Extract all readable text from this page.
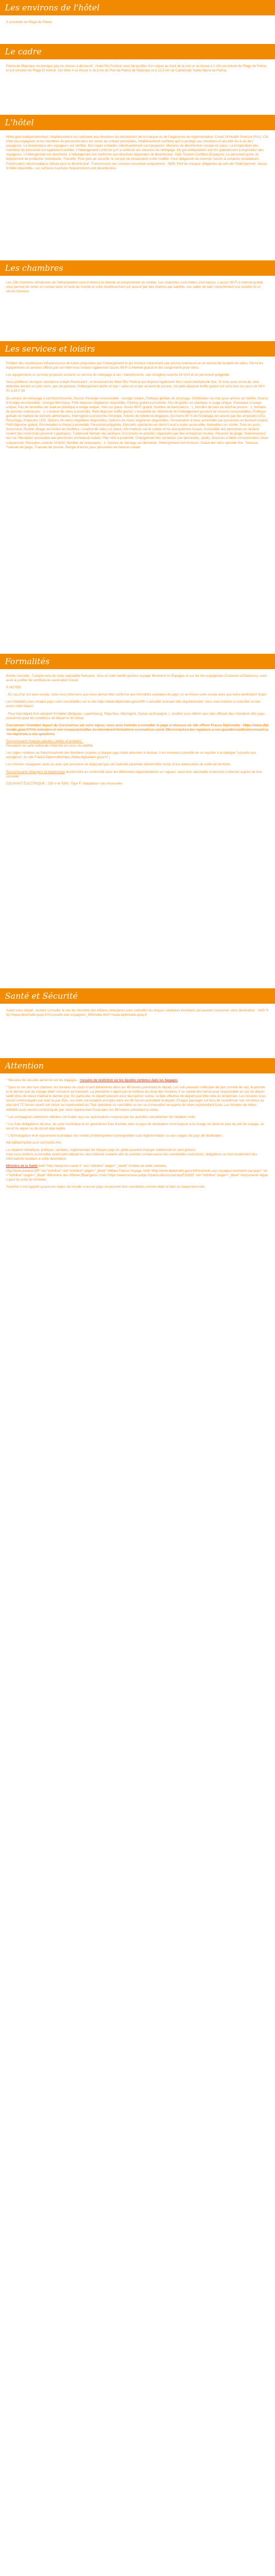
Les environs de l'hôtel

À proximité de Plage de Palma

Le cadre

Palma de Majorque ne manque pas de choses à découvrir ; Hotel Riu Festival vous fait profiter d'un séjour au bord de la mer et se trouve à 1 min en voiture de Plage de Palma et à 8 minutes de Plage El Arenal. Cet hôtel 4 se trouve à 16,5 km de Port de Palma de Majorque et à 12,5 km de Cathédrale Santa María de Palma.

L'hôtel

Hôtel géré indépendamment, l'établissement est conforme aux directives de désinfection de la marque ou de l'organisme de réglementation. Covid-19 Health Protocol (RIU). Cet hôtel (ou voyageurs et les membres du personnel dans les zones de contact principales, l'établissement confirme qu'il a protégé ses membres et sécurité vis-à-vis des voyageurs. La température des voyageurs est vérifiée. Des repas emballés individuellement sont proposés. Mesures de désinfection sociale en place. La température des membres du personnel est également vérifiée. L'hébergement confirme qu'il a renforcé ses mesures de nettoyage. Du gel antibactérien est mis gratuitement à disposition des voyageurs. L'hébergement est désinfecté. L'hébergement est conforme aux directives régionales de désinfection. Safe Tourism Certified (Espagne). Le personnel porte un équipement de protection individuelle. Travelife. Pour plus de sécurité, le service de restauration a été modifié. Il est obligatoire de réserver l'accès à certaines installations. Pulvérisation électrostatique utilisée pour la désinfection. Transmission des services essentiels uniquement - NON. Port du masque obligatoire au sein de l'hébergement. Aucun lit bébé disponible. Les surfaces touchées fréquemment sont désinfectées.

Les chambres

Les 238 chambres climatisées de l'hébergement vous invitent à la détente et comprennent un minibar. Les chambres sont dotées d'un balcon. L'accès Wi-Fi à Internet gratuit vous permet de rester en contact avec le reste du monde et votre divertissement est assuré par des chaînes par satellite. Les salles de bain comprennent une douche et un sèche-cheveux.

Les services et loisirs

Profitez des nombreuses infrastructures de loisirs proposées par l'hébergement et qui incluent notamment une piscine extérieure et un service de location de vélos. Parmi les équipements et services offerts par cet hôtel vous trouvez également l'accès Wi-Fi à Internet gratuit et des rangements pour vélos.

Les équipements et services proposés incluent un service de nettoyage à sec / blanchisserie, une réception ouverte 24 h/24 et un personnel polyglotte.

Vous profiterez de repas savoureux à Main Restaurant ; le restaurant de Hotel Riu Festival qui dispose également d'un snack-bar/épicerie fine. Si vous avez envie de vous détendre devant un petit verre, pas de panique, l'hébergement abrite un bar / salon et un bar au bord de piscine. Un petit-déjeuner buffet gratuit est servi tous les jours de 08 h 00 à 10 h 30.

Du service de nettoyage à sec/blanchisserie, Source d'énergie renouvelable - énergie solaire, Politique globale de recyclage, Distributeur en vrac pour articles de toilette, Source d'énergie renouvelable - énergie thermique, Petit-déjeuner végétarien disponible, Parking gratuit à proximité, Pas de pailles en plastique à usage unique, Panneaux à usage unique, Pas de bouteilles de soda en plastique à usage unique, Vélo sur place, Accès Wi-Fi gratuit, Nombre de bars/salons : 1, Nombre de bars en bord de piscine : 1, Nombre de piscines extérieures : 1, Location de vélos à proximité, Petit-déjeuner buffet gratuit, L'ensemble de l'électricité de l'hébergement provient de sources renouvelables, Politique globale en matière de déchets alimentaires, Interruption à économie d'énergie, Articles de toilette écologiques, Au moins 80 % de l'éclairage est assuré par des ampoules LED, Recyclage, Ampoules LED, Options de menu végétalien disponibles, Options de menu végétarien disponibles, Restauration à base accessible par personnes en fauteuil roulant, Petit-déjeuner gratuit, Promenades à cheval à proximité, Personnel polyglotte, Concerts spectacles en direct Local à visiter accessible, Animations en soirée, Tous les jours, Ascenseur, Double vitrage sur toutes les fenêtres, Location de vélos sur place, Informations sur la culture et les écosystèmes locaux, Accessible aux personnes en fauteuil roulant (les restrictions peuvent s'appliquer), Traitement humain des animaux, Excursions et activités organisées par des entreprises locales, Parasols de plage, Stationnement sur rue, Réception accessible aux personnes en fauteuil roulant, Plan vélo à proximité, Changement des serviettes (sur demande), Jardin, Douches à faible consommation d'eau uniquement, Réception ouverte 24 h/24, Nombre de restaurants : 1, Service de ménage sur demande, Hébergement non-fumeurs, Snack-bar et/ou épicerie fine, Terrasse, Transats de plage, Transats de piscine, Rampe d'accès pour personnes en fauteuil roulant

Formalités

Bonne nouvelle : Compte tenu de votre nationalité française, vous et votre famille pouvez voyager librement en Espagne et sur les îles espagnoles (Canaries et Baléares), sans avoir à justifier de certificat de vaccination Covid.

À NOTER

- En cas d'un vol avec escale, nous vous informons que vous devrez être conforme aux formalités sanitaires du pays où se trouve votre escale ainsi que votre destination finale.

Les modalités pour chaque pays sont consultables sur le site https://www.diplomatie.gouv.fr/fr/ L'actualité évoluant très régulièrement, nous vous invitons à consulter ce lien avant votre départ.

- Pour tout départ d'un aéroport frontalier (Belgique, Luxembourg, Pays-Bas, Allemagne, Suisse ou Espagne..), veuillez vous référer aux sites officiels des ministères des pays concernés pour les conditions de départ et de retour.

Concernant l'éventuel impact du Coronavirus sur votre séjour, nous vous invitons à consulter la page ci-dessous du site officiel France Diplomatie : https://www.diplomatie.gouv.fr/fr/le-ministere-et-son-reseau/actualites-du-ministere/informations-coronavirus-covid-19/coronavirus-les-reponses-a-vos-questions/article/coronavirus-les-reponses-a-vos-questions

Ressortissants français (adultes, bébés et enfants) :
Passeport ou carte nationale d'identité en cours de validité.

Les règles relatives au franchissement des frontières propres à chaque pays étant amenées à évoluer, il est vivement conseillé de se reporter à la rubrique "conseils aux voyageurs" du site France Diplomatie(https://www.diplomatie.gouv.fr/ )

Les mineurs voyageant seuls ou avec une personne ne disposant pas de l'autorité parentale doivent être munis d'une autorisation de sortie de territoire.

Ressortissants étrangers et binationaux doivent être en conformité avec les différentes réglementations en vigueur, selon leur nationalité et devront s'informer auprès de leur consulat.

COURANT ÉLECTRIQUE : 230 V et 50Hz. Type F. Adaptateur non nécessaire.

Santé et Sécurité

Avant votre départ, veuillez consulter le site du ministère des Affaires étrangères pour connaître les risques sanitaires éventuels qui peuvent concerner votre destination : href="http://www.diplomatie.gouv.fr/fr/conseils-aux-voyageurs_909/index.html">www.diplomatie.gouv.fr

Attention

* Mesures de sécurité aérienne sur les bagages : mesures de restriction sur les liquides contenus dans les bagages

* Dans le cas des vols charters, les horaires de cours d'sont déterminés dans les 48 heures précédant le départ. Les vols peuvent s'effectuer de jour comme de nuit, le premier et le dernier jour du voyage étant consacré au transport. La prestation n'ayant pas la maîtrise du choix des horaires, il ne saurait être tenue pour responsable en cas de départ tardif et/ou de retour matinal le dernier jour. En particulier, le départ peuvent avoir lieu tard en soirée, la date effective de départ peut être celle du lendemain. Les horaires vous seront communiqués par mail ou par Sms, sur votre convocation envoyée dans les 48 heures précédant le départ. Chaque passager est tenu de reconfirmer son vol retour au plus tard 72 heures avant son retour au représentant du Tour-opérateur ou son bâtiel ou sur sa convocation ou auprès de notre représentant local. Les horaires de retour définitifs vous seront communiqués par notre représentant local dans les 48 heures précédant le retour.

* Les compagnies aériennes utilisées ont toutes reçu les autorisations requises par les autorités compétentes de l'aviation civile.

* Les frais obligatoires de visa, de carte touristique et en général les frais d'entrée dans le pays de destination sont toujours à la charge du client en plus du prix du voyage, du vol et du séjour ou du circuit déjà réglés.

* L'homologation et le classement touristique des modes d'hébergement correspondent à la réglementation ou aux usages du pays de destination.

INFORMATIONS AUX VOYAGEURS :

La situation climatique, politique, sanitaire, réglementaire de chaque pays du globe pouvant changer subitement et sans préavis
nous vous invitons à consulter avant votre départ les sites Internet suivants afin de prendre connaissance des éventuelles restrictions, obligations ou tout simplement des informations relatives à votre destination.

Ministère de la Santé href="http://www.inrs-sante.fr" rel="nofollow" target="_blank">Institut de veille sanitaire,
http://www.pasteur.fr/fr" rel="nofollow" rel="nofollow" target="_blank">Mêlea France Voyage, href="http://www.diplomatie.gouv.fr/fr/conseils-aux-voyageurs/conseils-par-pays" rel="nofollow" target="_blank">Ministère des Affaires Étrangères, href="https://www.service-public.fr/particuliers/vosdroits/F32835" rel="nofollow" target="_blank">Documents légaux pour la sortie du territoire.

Toutefois il est rappelé qu'aucune région du monde ni aucun pays ne peuvent être considérés comme étant à l'abri du risque terroriste.
